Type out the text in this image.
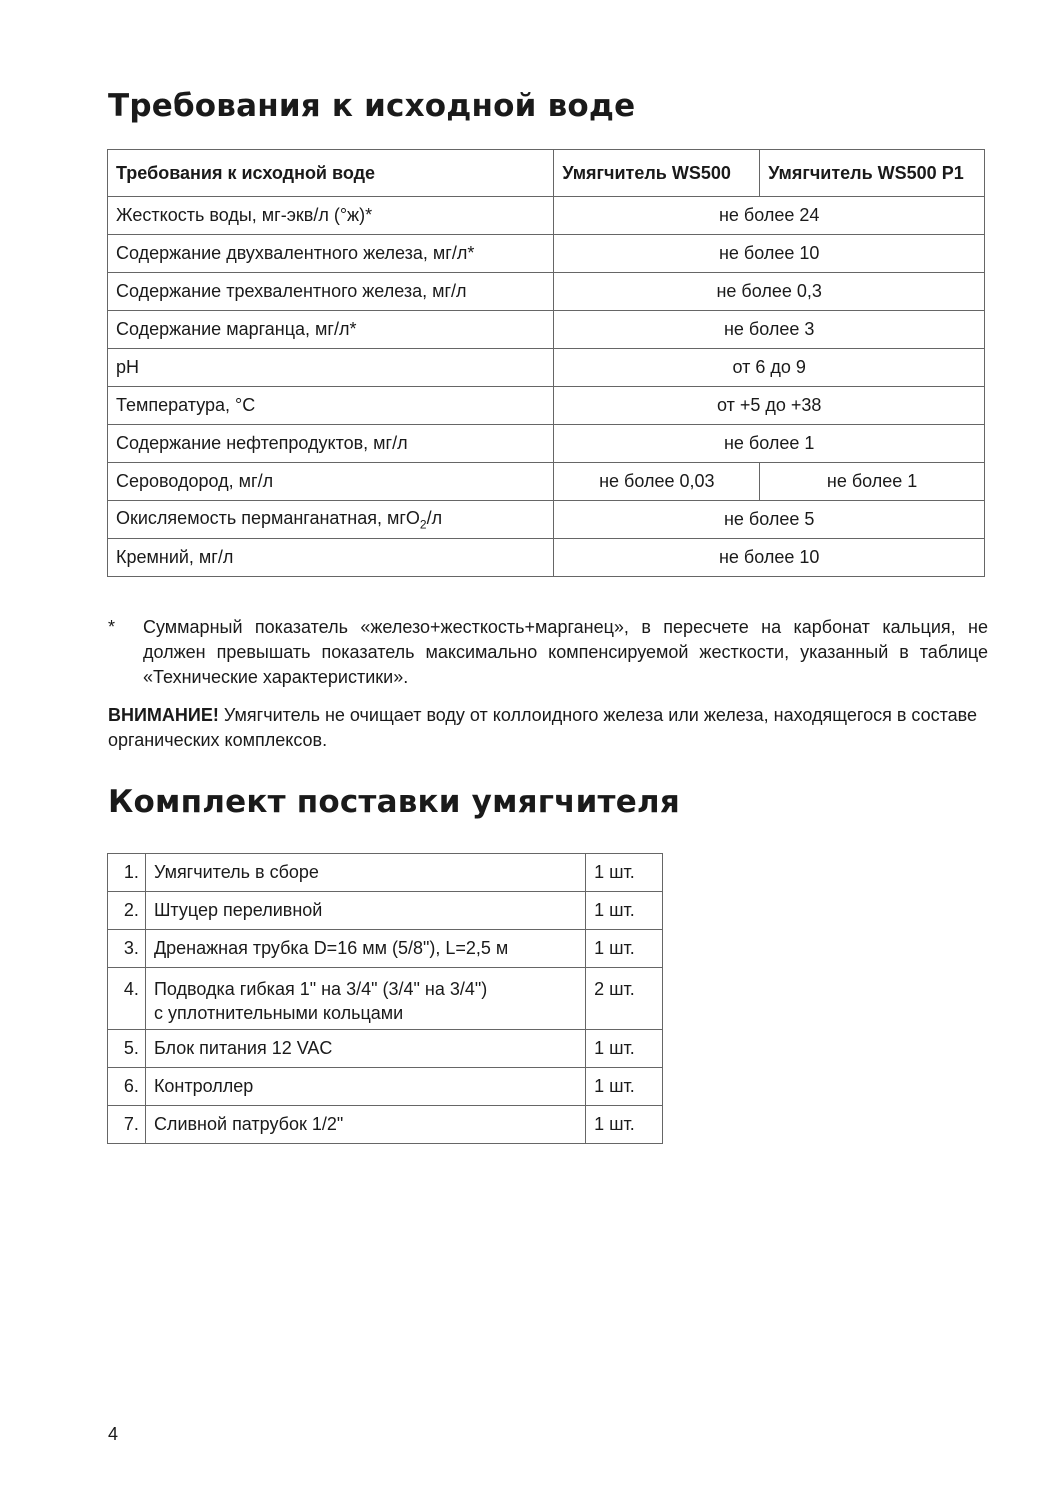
Требования к исходной воде
Требования к исходной воде	Умягчитель WS500	Умягчитель WS500 P1
Жесткость воды, мг-экв/л (°ж)*	не более 24	
Содержание двухвалентного железа, мг/л*	не более 10	
Содержание трехвалентного железа, мг/л	не более 0,3	
Содержание марганца, мг/л*	не более 3	
pH	от 6 до 9	
Температура, °С	от +5 до +38	
Содержание нефтепродуктов, мг/л	не более 1	
Сероводород, мг/л	не более 0,03	не более 1
Окисляемость перманганатная, мгО$_2$/л	не более 5	
Кремний, мг/л	не более 10	
* Суммарный показатель «железо+жесткость+марганец», в пересчете на карбонат кальция, не должен превышать показатель максимально компенсируемой жесткости, указанный в таблице «Технические характеристики».
ВНИМАНИЕ! Умягчитель не очищает воду от коллоидного железа или железа, находящегося в составе органических комплексов.
Комплект поставки умягчителя
1.	Умягчитель в сборе	1 шт.
2.	Штуцер переливной	1 шт.
3.	Дренажная трубка D=16 мм (5/8"), L=2,5 м	1 шт.
4.	Подводка гибкая 1" на 3/4" (3/4" на 3/4")
с уплотнительными кольцами	2 шт.
5.	Блок питания 12 VAC	1 шт.
6.	Контроллер	1 шт.
7.	Сливной патрубок 1/2"	1 шт.
4
